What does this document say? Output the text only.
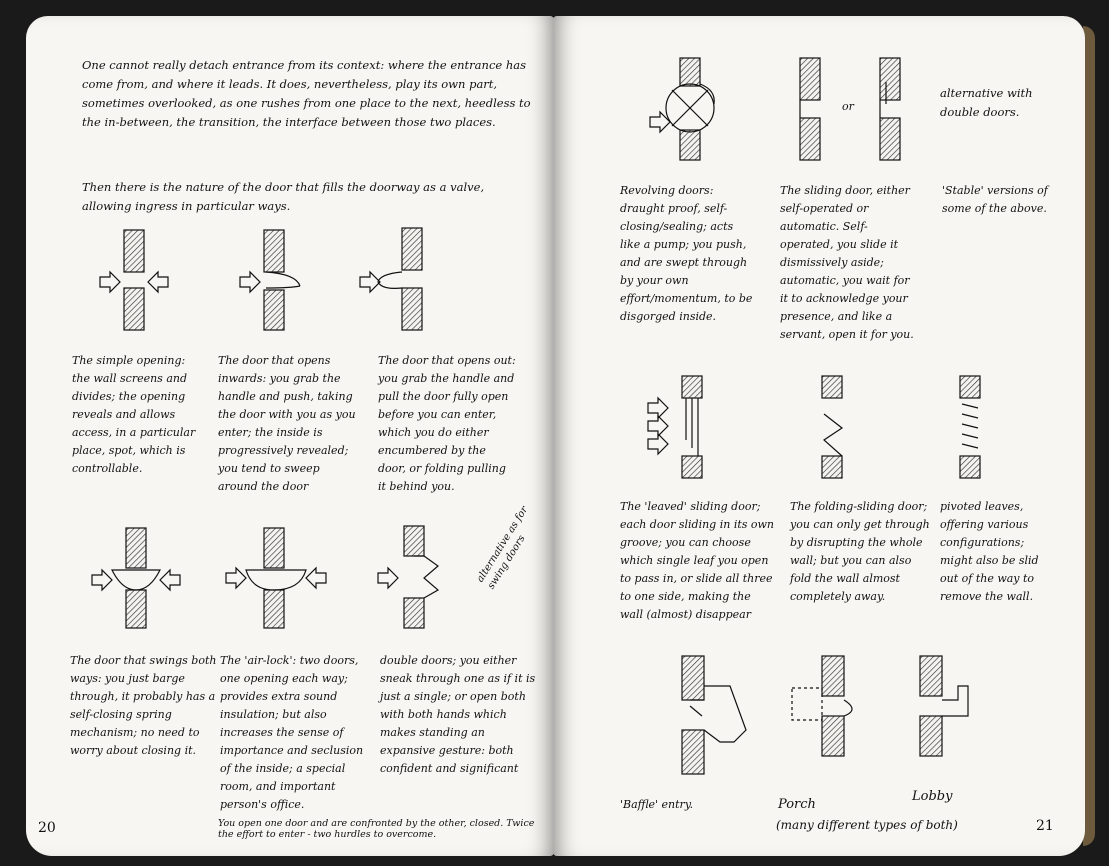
One cannot really detach entrance from its context: where the entrance has come from, and where it leads. It does, nevertheless, play its own part, sometimes overlooked, as one rushes from one place to the next, heedless to the in-between, the transition, the interface between those two places.
Then there is the nature of the door that fills the doorway as a valve, allowing ingress in particular ways.
The simple opening: the wall screens and divides; the opening reveals and allows access, in a particular place, spot, which is controllable.
The door that opens inwards: you grab the handle and push, taking the door with you as you enter; the inside is progressively revealed; you tend to sweep around the door
The door that opens out: you grab the handle and pull the door fully open before you can enter, which you do either encumbered by the door, or folding pulling it behind you.
alternative as for swing doors
The door that swings both ways: you just barge through, it probably has a self-closing spring mechanism; no need to worry about closing it.
The 'air-lock': two doors, one opening each way; provides extra sound insulation; but also increases the sense of importance and seclusion of the inside; a special room, and important person's office.
You open one door and are confronted by the other, closed. Twice the effort to enter - two hurdles to overcome.
double doors; you either sneak through one as if it is just a single; or open both with both hands which makes standing an expansive gesture: both confident and significant
20
alternative with double doors.
or
Revolving doors: draught proof, self-closing/sealing; acts like a pump; you push, and are swept through by your own effort/momentum, to be disgorged inside.
The sliding door, either self-operated or automatic. Self-operated, you slide it dismissively aside; automatic, you wait for it to acknowledge your presence, and like a servant, open it for you.
'Stable' versions of some of the above.
The 'leaved' sliding door; each door sliding in its own groove; you can choose which single leaf you open to pass in, or slide all three to one side, making the wall (almost) disappear
The folding-sliding door; you can only get through by disrupting the whole wall; but you can also fold the wall almost completely away.
pivoted leaves, offering various configurations; might also be slid out of the way to remove the wall.
'Baffle' entry.	Porch
Lobby
(many different types of both)	21
